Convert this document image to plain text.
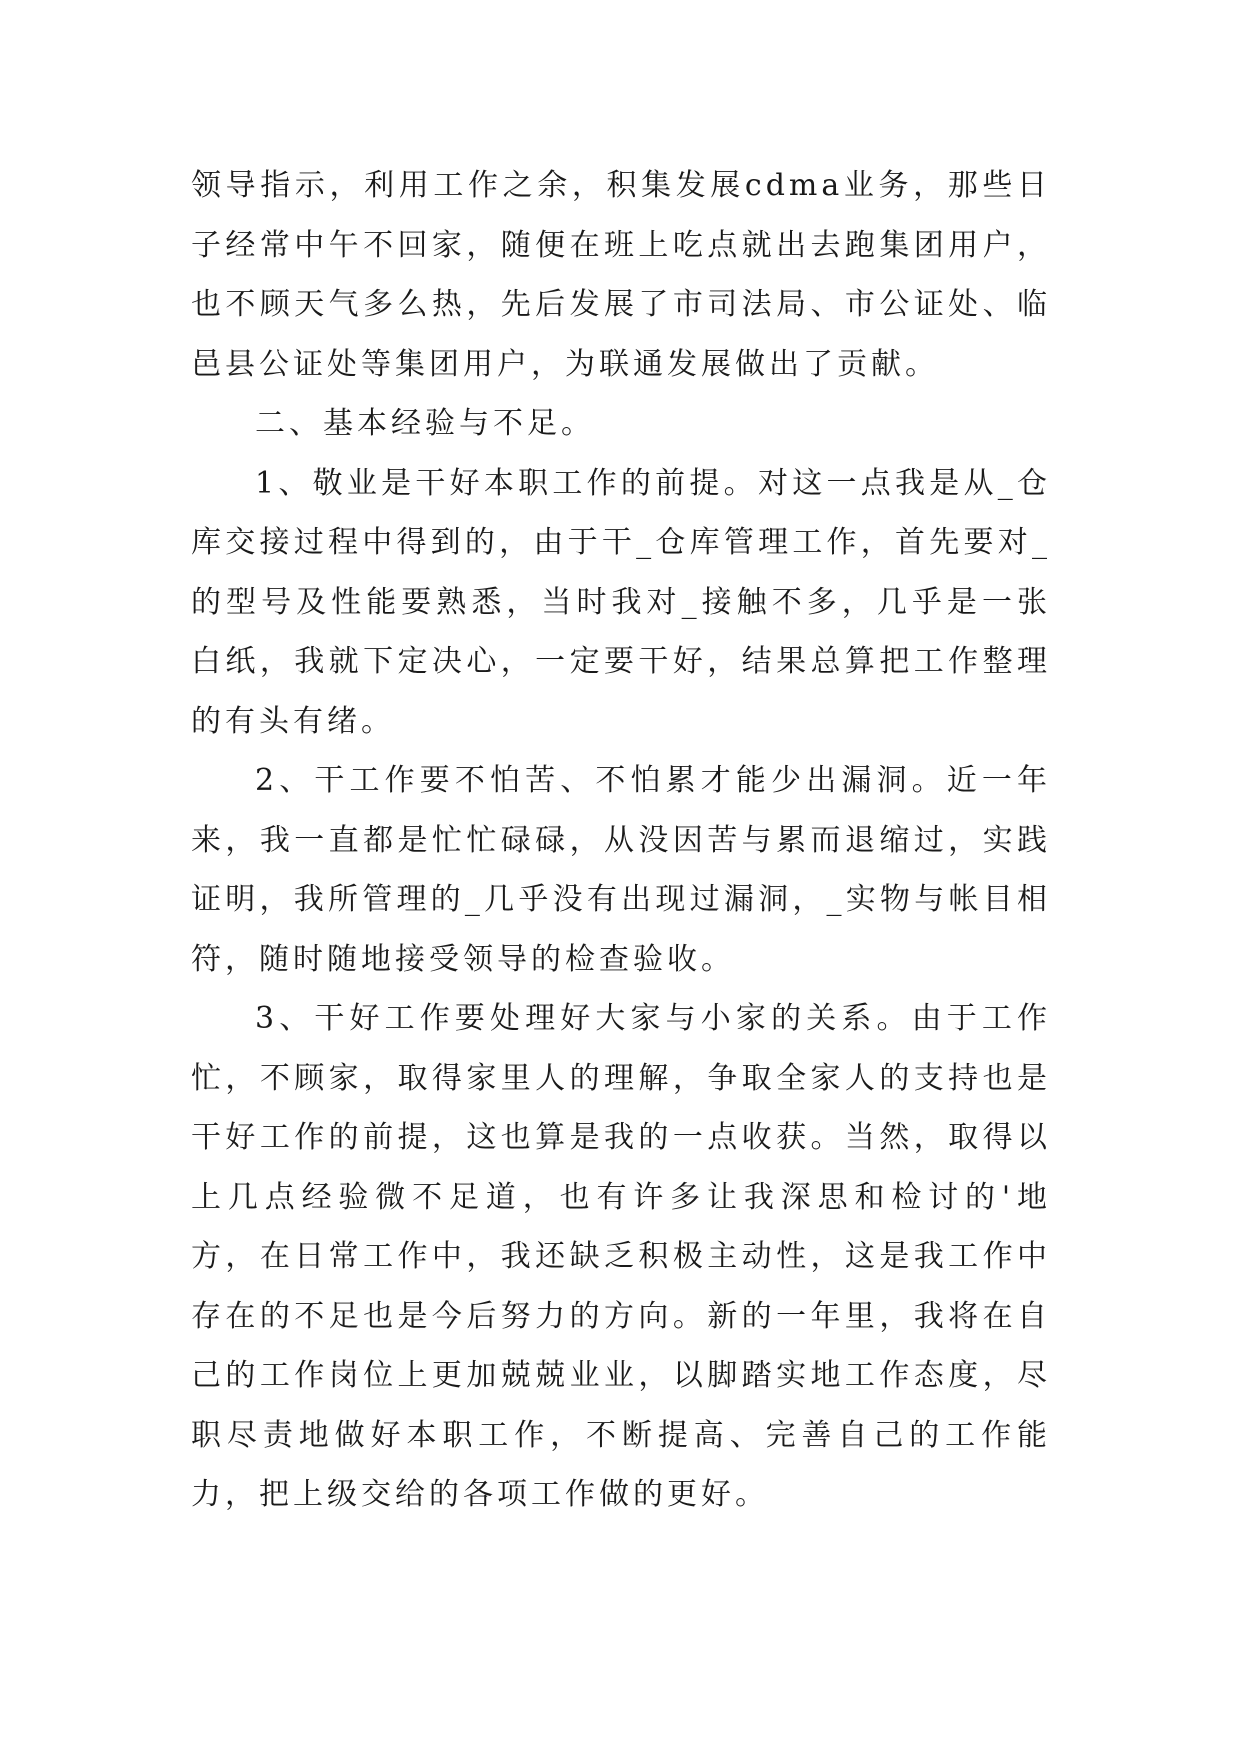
领导指示，利用工作之余，积集发展cdma业务，那些日子经常中午不回家，随便在班上吃点就出去跑集团用户，也不顾天气多么热，先后发展了市司法局、市公证处、临邑县公证处等集团用户，为联通发展做出了贡献。

二、基本经验与不足。

1、敬业是干好本职工作的前提。对这一点我是从_仓库交接过程中得到的，由于干_仓库管理工作，首先要对_的型号及性能要熟悉，当时我对_接触不多，几乎是一张白纸，我就下定决心，一定要干好，结果总算把工作整理的有头有绪。

2、干工作要不怕苦、不怕累才能少出漏洞。近一年来，我一直都是忙忙碌碌，从没因苦与累而退缩过，实践证明，我所管理的_几乎没有出现过漏洞，_实物与帐目相符，随时随地接受领导的检查验收。

3、干好工作要处理好大家与小家的关系。由于工作忙，不顾家，取得家里人的理解，争取全家人的支持也是干好工作的前提，这也算是我的一点收获。当然，取得以上几点经验微不足道，也有许多让我深思和检讨的'地方，在日常工作中，我还缺乏积极主动性，这是我工作中存在的不足也是今后努力的方向。新的一年里，我将在自己的工作岗位上更加兢兢业业，以脚踏实地工作态度，尽职尽责地做好本职工作，不断提高、完善自己的工作能力，把上级交给的各项工作做的更好。
